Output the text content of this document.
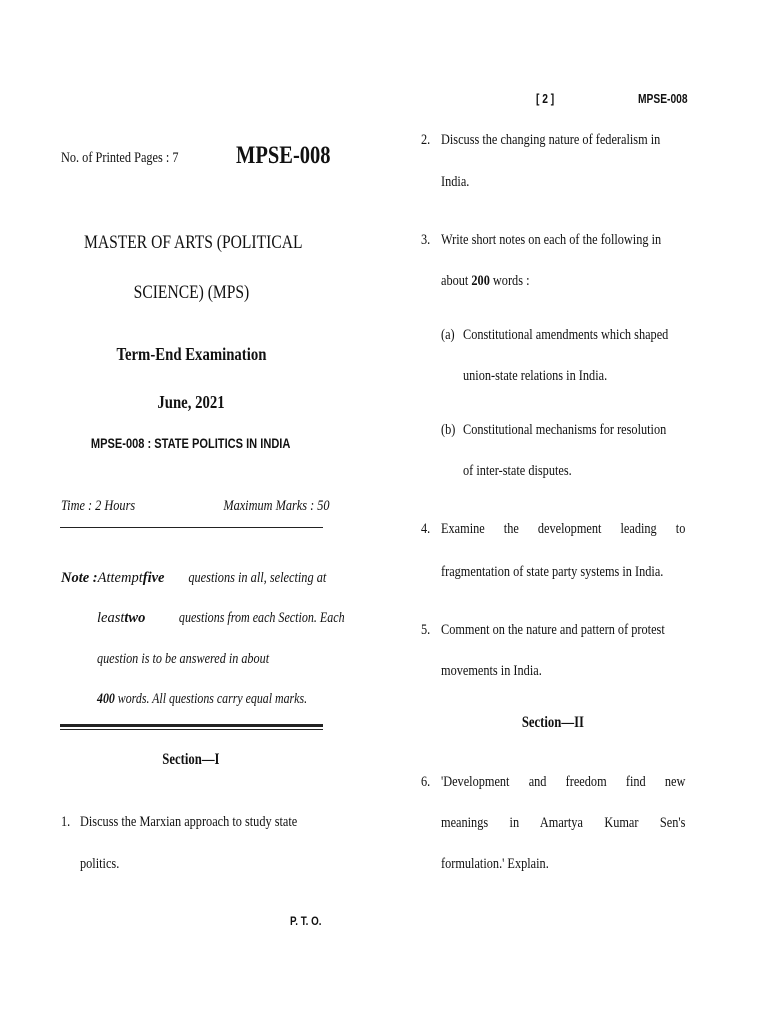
No. of Printed Pages : 7 MPSE-008
MASTER OF ARTS (POLITICAL
SCIENCE) (MPS)
Term-End Examination
June, 2021
MPSE-008 : STATE POLITICS IN INDIA
Time : 2 Hours	Maximum Marks : 50
Note : Attempt five questions in all, selecting at
least two questions from each Section. Each
question is to be answered in about
400 words. All questions carry equal marks.
Section—I
1. Discuss the Marxian approach to study state
politics.
P. T. O.
[ 2 ]	MPSE-008
2. Discuss the changing nature of federalism in
India.
3. Write short notes on each of the following in
about 200 words :
(a) Constitutional amendments which shaped
union-state relations in India.
(b) Constitutional mechanisms for resolution
of inter-state disputes.
4. Examine the development leading to
fragmentation of state party systems in India.
5. Comment on the nature and pattern of protest
movements in India.
Section—II
6. 'Development and freedom find new
meanings in Amartya Kumar Sen's
formulation.' Explain.
